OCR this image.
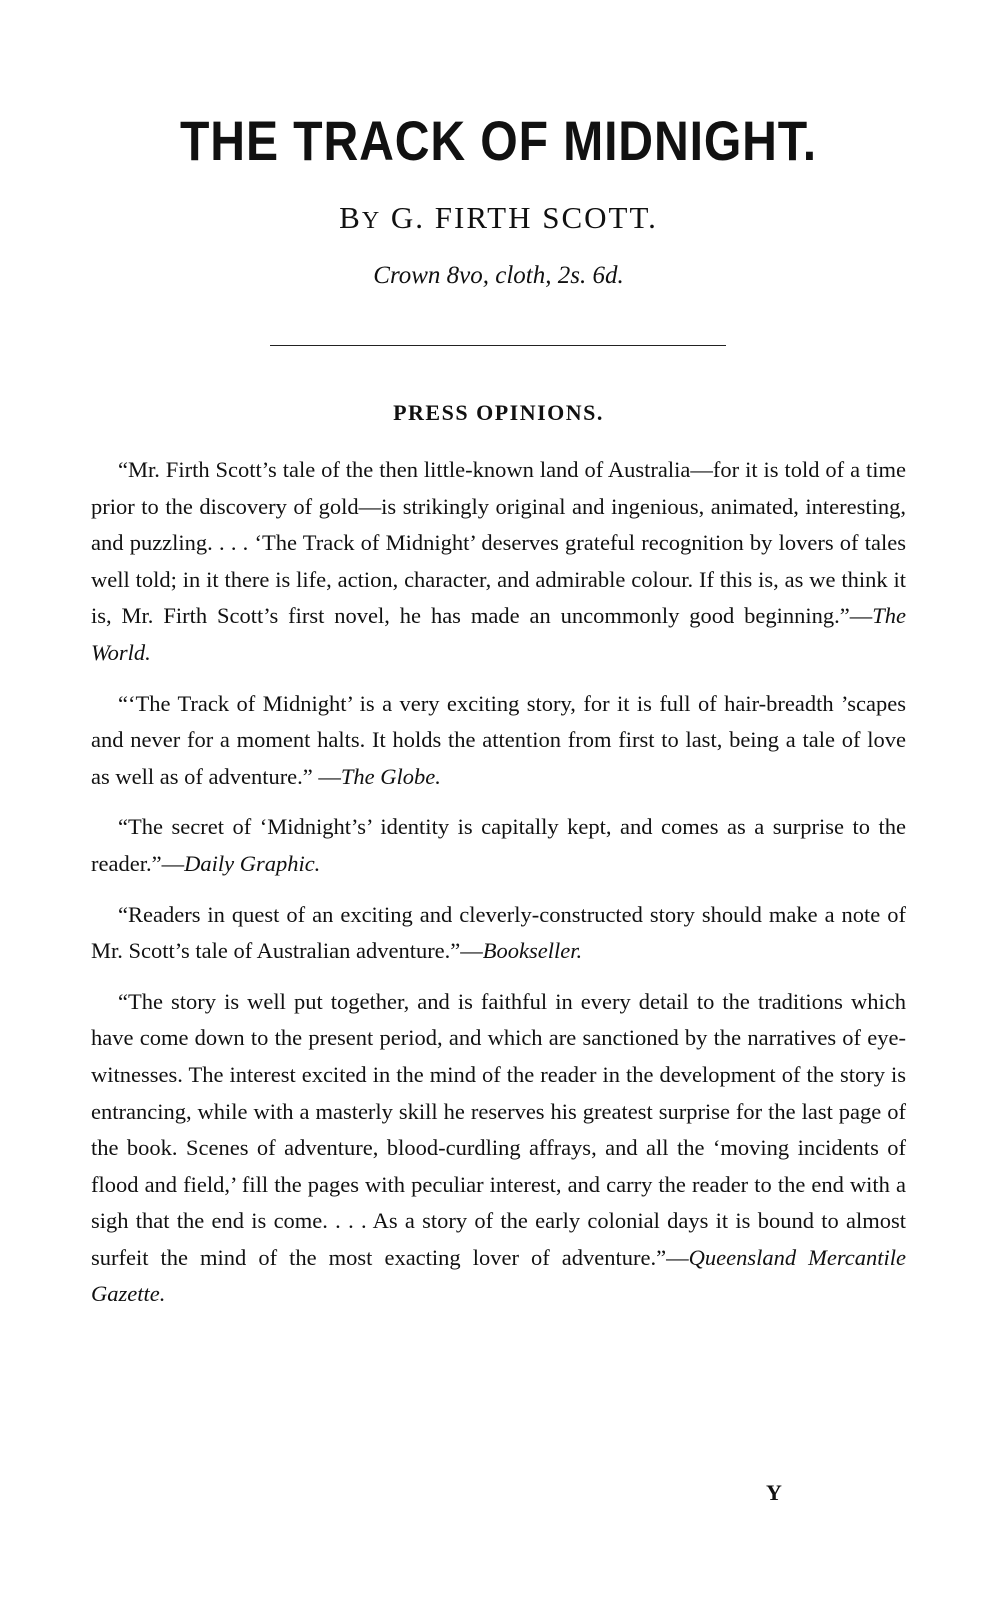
THE TRACK OF MIDNIGHT.

BY G. FIRTH SCOTT.

Crown 8vo, cloth, 2s. 6d.

PRESS OPINIONS.

“Mr. Firth Scott’s tale of the then little-known land of Australia—for it is told of a time prior to the discovery of gold—is strikingly original and ingenious, animated, interesting, and puzzling. . . . ‘The Track of Midnight’ deserves grateful recognition by lovers of tales well told; in it there is life, action, character, and admirable colour. If this is, as we think it is, Mr. Firth Scott’s first novel, he has made an uncommonly good beginning.”—The World.

“‘The Track of Midnight’ is a very exciting story, for it is full of hair-breadth ’scapes and never for a moment halts. It holds the attention from first to last, being a tale of love as well as of adventure.” —The Globe.

“The secret of ‘Midnight’s’ identity is capitally kept, and comes as a surprise to the reader.”—Daily Graphic.

“Readers in quest of an exciting and cleverly-constructed story should make a note of Mr. Scott’s tale of Australian adventure.”—Bookseller.

“The story is well put together, and is faithful in every detail to the traditions which have come down to the present period, and which are sanctioned by the narratives of eye-witnesses. The interest excited in the mind of the reader in the development of the story is entrancing, while with a masterly skill he reserves his greatest surprise for the last page of the book. Scenes of adventure, blood-curdling affrays, and all the ‘moving incidents of flood and field,’ fill the pages with peculiar interest, and carry the reader to the end with a sigh that the end is come. . . . As a story of the early colonial days it is bound to almost surfeit the mind of the most exacting lover of adventure.”—Queensland Mercantile Gazette.

Y
